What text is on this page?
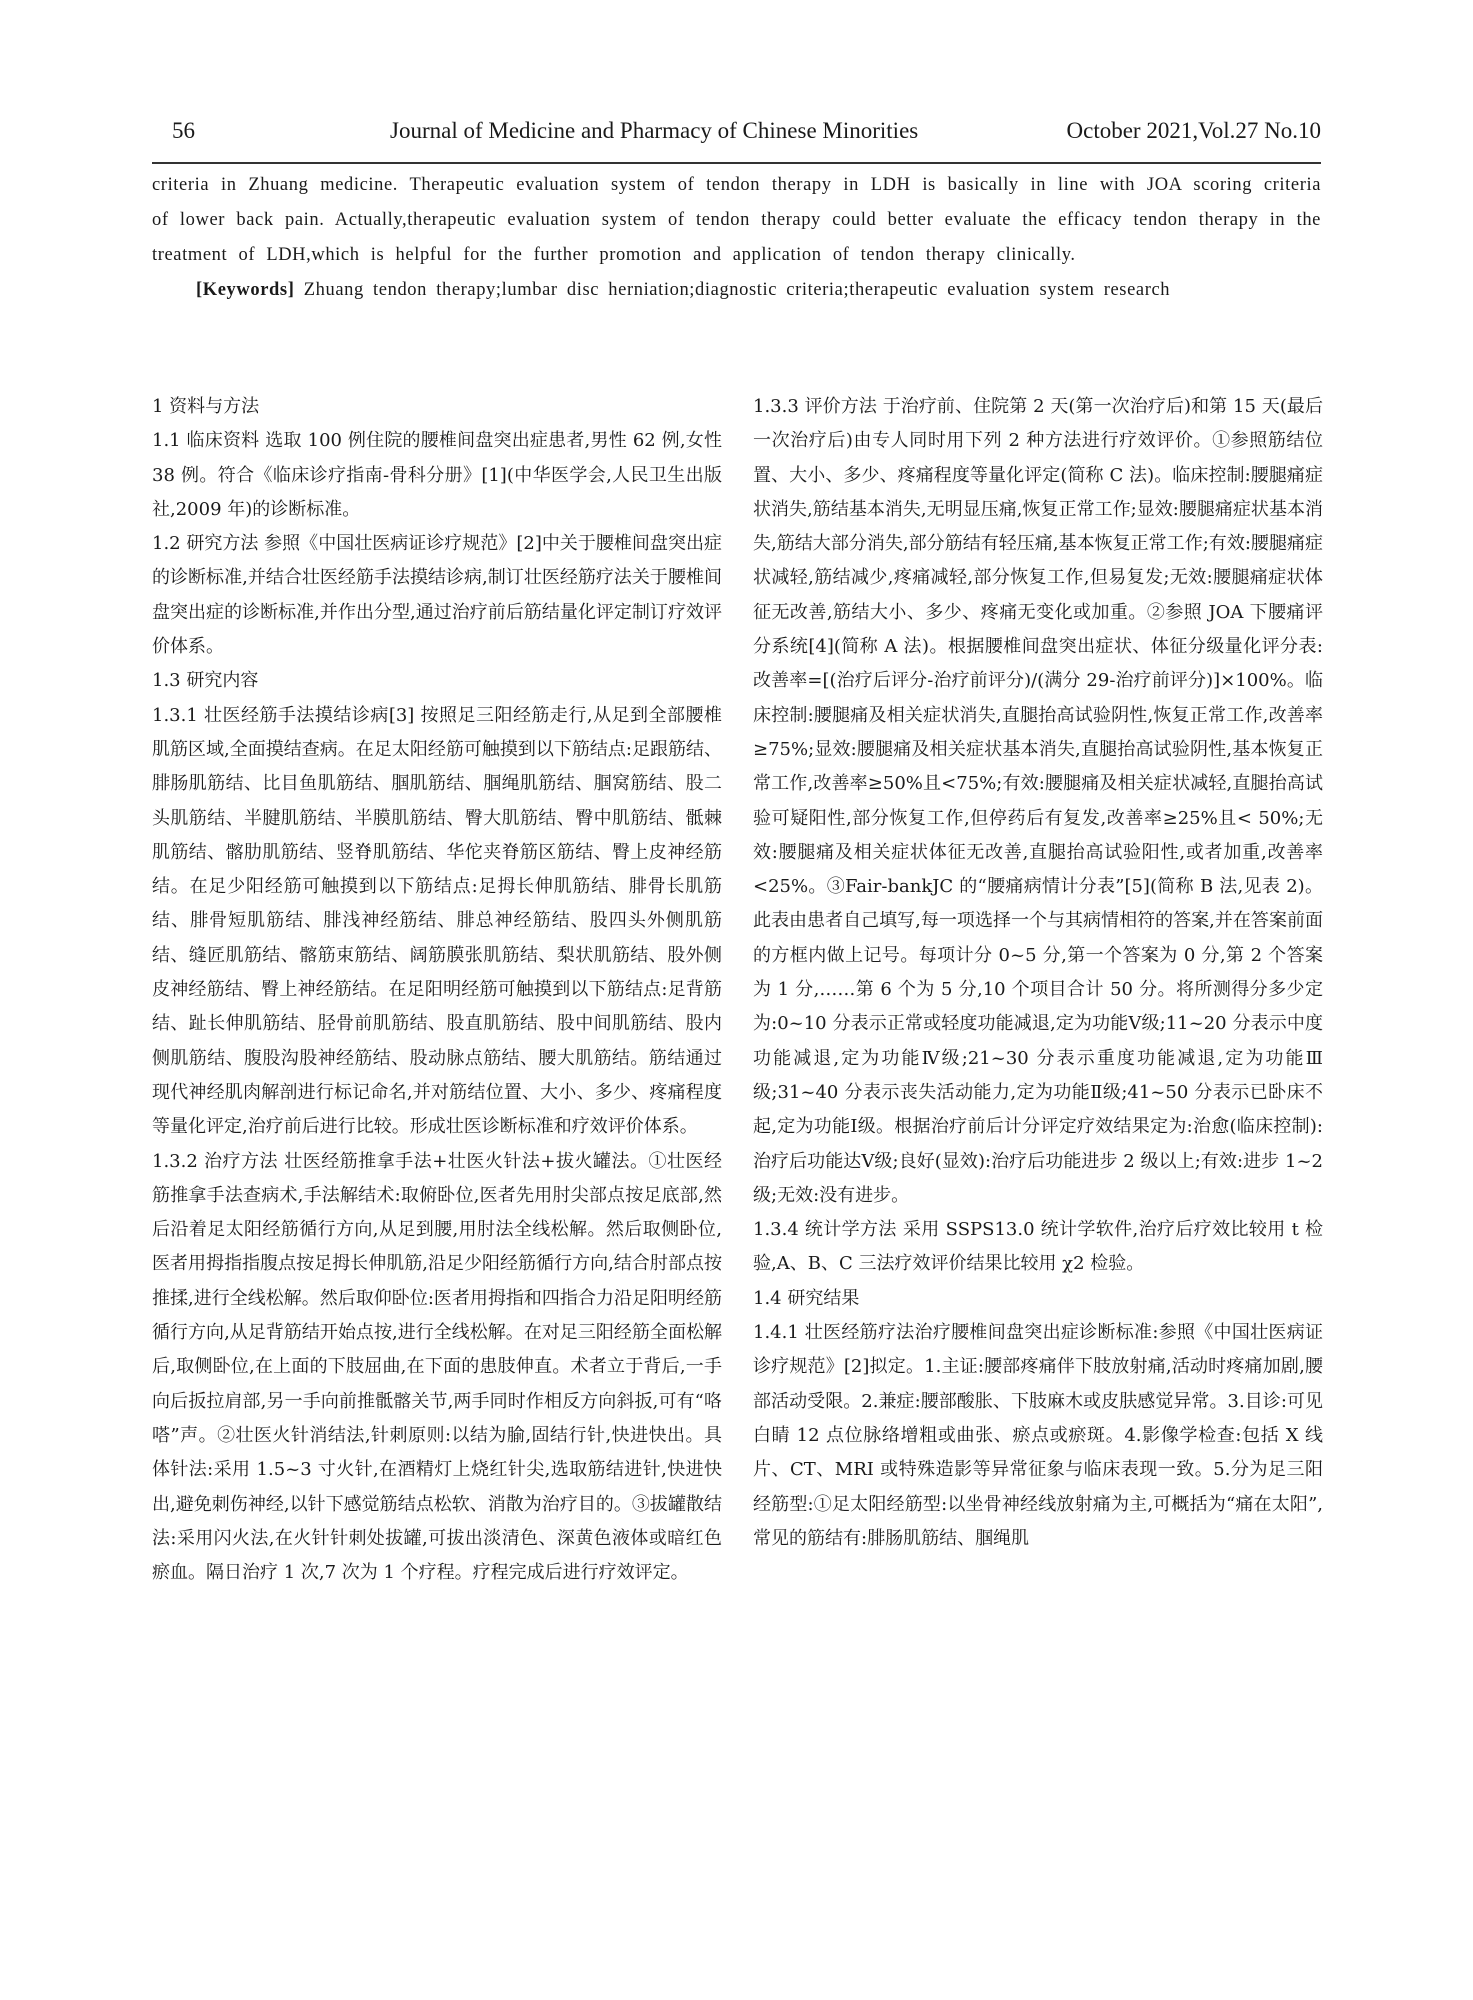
56	Journal of Medicine and Pharmacy of Chinese Minorities	October 2021,Vol.27 No.10

criteria in Zhuang medicine. Therapeutic evaluation system of tendon therapy in LDH is basically in line with JOA scoring criteria of lower back pain. Actually,therapeutic evaluation system of tendon therapy could better evaluate the efficacy tendon therapy in the treatment of LDH,which is helpful for the further promotion and application of tendon therapy clinically.

[Keywords] Zhuang tendon therapy;lumbar disc herniation;diagnostic criteria;therapeutic evaluation system research

1 资料与方法

1.1 临床资料 选取 100 例住院的腰椎间盘突出症患者,男性 62 例,女性 38 例。符合《临床诊疗指南-骨科分册》[1](中华医学会,人民卫生出版社,2009 年)的诊断标准。

1.2 研究方法 参照《中国壮医病证诊疗规范》[2]中关于腰椎间盘突出症的诊断标准,并结合壮医经筋手法摸结诊病,制订壮医经筋疗法关于腰椎间盘突出症的诊断标准,并作出分型,通过治疗前后筋结量化评定制订疗效评价体系。

1.3 研究内容

1.3.1 壮医经筋手法摸结诊病[3] 按照足三阳经筋走行,从足到全部腰椎肌筋区域,全面摸结查病。在足太阳经筋可触摸到以下筋结点:足跟筋结、腓肠肌筋结、比目鱼肌筋结、腘肌筋结、腘绳肌筋结、腘窝筋结、股二头肌筋结、半腱肌筋结、半膜肌筋结、臀大肌筋结、臀中肌筋结、骶棘肌筋结、髂肋肌筋结、竖脊肌筋结、华佗夹脊筋区筋结、臀上皮神经筋结。在足少阳经筋可触摸到以下筋结点:足拇长伸肌筋结、腓骨长肌筋结、腓骨短肌筋结、腓浅神经筋结、腓总神经筋结、股四头外侧肌筋结、缝匠肌筋结、髂筋束筋结、阔筋膜张肌筋结、梨状肌筋结、股外侧皮神经筋结、臀上神经筋结。在足阳明经筋可触摸到以下筋结点:足背筋结、趾长伸肌筋结、胫骨前肌筋结、股直肌筋结、股中间肌筋结、股内侧肌筋结、腹股沟股神经筋结、股动脉点筋结、腰大肌筋结。筋结通过现代神经肌肉解剖进行标记命名,并对筋结位置、大小、多少、疼痛程度等量化评定,治疗前后进行比较。形成壮医诊断标准和疗效评价体系。

1.3.2 治疗方法 壮医经筋推拿手法+壮医火针法+拔火罐法。①壮医经筋推拿手法查病术,手法解结术:取俯卧位,医者先用肘尖部点按足底部,然后沿着足太阳经筋循行方向,从足到腰,用肘法全线松解。然后取侧卧位,医者用拇指指腹点按足拇长伸肌筋,沿足少阳经筋循行方向,结合肘部点按推揉,进行全线松解。然后取仰卧位:医者用拇指和四指合力沿足阳明经筋循行方向,从足背筋结开始点按,进行全线松解。在对足三阳经筋全面松解后,取侧卧位,在上面的下肢屈曲,在下面的患肢伸直。术者立于背后,一手向后扳拉肩部,另一手向前推骶髂关节,两手同时作相反方向斜扳,可有“咯嗒”声。②壮医火针消结法,针刺原则:以结为腧,固结行针,快进快出。具体针法:采用 1.5~3 寸火针,在酒精灯上烧红针尖,选取筋结进针,快进快出,避免刺伤神经,以针下感觉筋结点松软、消散为治疗目的。③拔罐散结法:采用闪火法,在火针针刺处拔罐,可拔出淡清色、深黄色液体或暗红色瘀血。隔日治疗 1 次,7 次为 1 个疗程。疗程完成后进行疗效评定。

1.3.3 评价方法 于治疗前、住院第 2 天(第一次治疗后)和第 15 天(最后一次治疗后)由专人同时用下列 2 种方法进行疗效评价。①参照筋结位置、大小、多少、疼痛程度等量化评定(简称 C 法)。临床控制:腰腿痛症状消失,筋结基本消失,无明显压痛,恢复正常工作;显效:腰腿痛症状基本消失,筋结大部分消失,部分筋结有轻压痛,基本恢复正常工作;有效:腰腿痛症状减轻,筋结减少,疼痛减轻,部分恢复工作,但易复发;无效:腰腿痛症状体征无改善,筋结大小、多少、疼痛无变化或加重。②参照 JOA 下腰痛评分系统[4](简称 A 法)。根据腰椎间盘突出症状、体征分级量化评分表:改善率=[(治疗后评分-治疗前评分)/(满分 29-治疗前评分)]×100%。临床控制:腰腿痛及相关症状消失,直腿抬高试验阴性,恢复正常工作,改善率≥75%;显效:腰腿痛及相关症状基本消失,直腿抬高试验阴性,基本恢复正常工作,改善率≥50%且<75%;有效:腰腿痛及相关症状减轻,直腿抬高试验可疑阳性,部分恢复工作,但停药后有复发,改善率≥25%且< 50%;无效:腰腿痛及相关症状体征无改善,直腿抬高试验阳性,或者加重,改善率<25%。③Fair-bankJC 的“腰痛病情计分表”[5](简称 B 法,见表 2)。此表由患者自己填写,每一项选择一个与其病情相符的答案,并在答案前面的方框内做上记号。每项计分 0~5 分,第一个答案为 0 分,第 2 个答案为 1 分,……第 6 个为 5 分,10 个项目合计 50 分。将所测得分多少定为:0~10 分表示正常或轻度功能减退,定为功能Ⅴ级;11~20 分表示中度功能减退,定为功能Ⅳ级;21~30 分表示重度功能减退,定为功能Ⅲ级;31~40 分表示丧失活动能力,定为功能Ⅱ级;41~50 分表示已卧床不起,定为功能Ⅰ级。根据治疗前后计分评定疗效结果定为:治愈(临床控制):治疗后功能达Ⅴ级;良好(显效):治疗后功能进步 2 级以上;有效:进步 1~2 级;无效:没有进步。

1.3.4 统计学方法 采用 SSPS13.0 统计学软件,治疗后疗效比较用 t 检验,A、B、C 三法疗效评价结果比较用 χ2 检验。

1.4 研究结果

1.4.1 壮医经筋疗法治疗腰椎间盘突出症诊断标准:参照《中国壮医病证诊疗规范》[2]拟定。1.主证:腰部疼痛伴下肢放射痛,活动时疼痛加剧,腰部活动受限。2.兼症:腰部酸胀、下肢麻木或皮肤感觉异常。3.目诊:可见白睛 12 点位脉络增粗或曲张、瘀点或瘀斑。4.影像学检查:包括 X 线片、CT、MRI 或特殊造影等异常征象与临床表现一致。5.分为足三阳经筋型:①足太阳经筋型:以坐骨神经线放射痛为主,可概括为“痛在太阳”,常见的筋结有:腓肠肌筋结、腘绳肌
